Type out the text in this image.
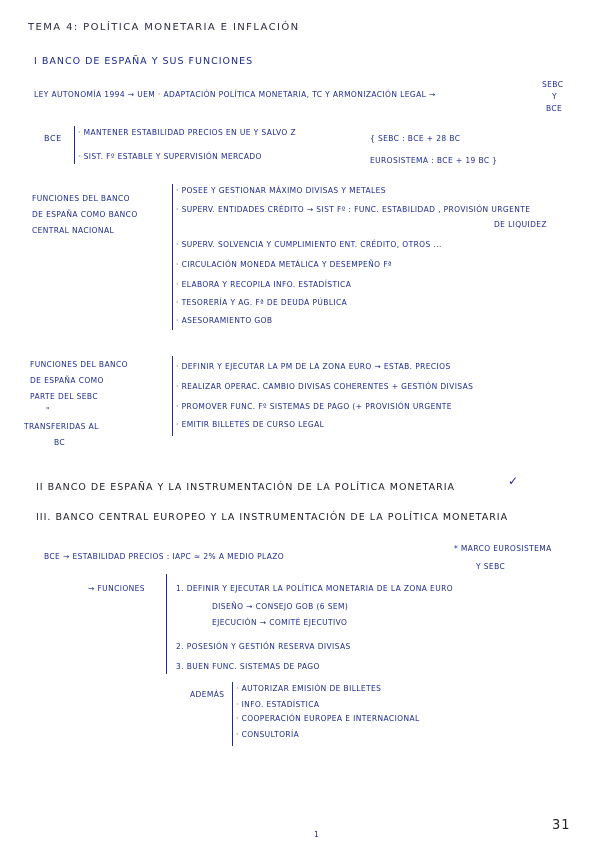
TEMA 4: POLÍTICA MONETARIA E INFLACIÓN
I BANCO DE ESPAÑA Y SUS FUNCIONES
LEY AUTONOMÍA 1994 → UEM · ADAPTACIÓN POLÍTICA MONETARIA, TC Y ARMONIZACIÓN LEGAL →
SEBC
Y
BCE
BCE
· MANTENER ESTABILIDAD PRECIOS EN UE Y SALVO Z
· SIST. Fº ESTABLE Y SUPERVISIÓN MERCADO
{ SEBC : BCE + 28 BC
EUROSISTEMA : BCE + 19 BC }
FUNCIONES DEL BANCO
DE ESPAÑA COMO BANCO
CENTRAL NACIONAL
· POSEE Y GESTIONAR MÁXIMO DIVISAS Y METALES
· SUPERV. ENTIDADES CRÉDITO → SIST Fº : FUNC. ESTABILIDAD , PROVISIÓN URGENTE
DE LIQUIDEZ
· SUPERV. SOLVENCIA Y CUMPLIMIENTO ENT. CRÉDITO, OTROS ...
· CIRCULACIÓN MONEDA METÁLICA Y DESEMPEÑO Fª
· ELABORA Y RECOPILA INFO. ESTADÍSTICA
· TESORERÍA Y AG. Fª DE DEUDA PÚBLICA
· ASESORAMIENTO GOB
FUNCIONES DEL BANCO
DE ESPAÑA COMO
PARTE DEL SEBC
"
TRANSFERIDAS AL
BC
· DEFINIR Y EJECUTAR LA PM DE LA ZONA EURO → ESTAB. PRECIOS
· REALIZAR OPERAC. CAMBIO DIVISAS COHERENTES + GESTIÓN DIVISAS
· PROMOVER FUNC. Fº SISTEMAS DE PAGO (+ PROVISIÓN URGENTE
· EMITIR BILLETES DE CURSO LEGAL
II BANCO DE ESPAÑA Y LA INSTRUMENTACIÓN DE LA POLÍTICA MONETARIA	✓
III. BANCO CENTRAL EUROPEO Y LA INSTRUMENTACIÓN DE LA POLÍTICA MONETARIA
BCE → ESTABILIDAD PRECIOS : IAPC ≈ 2% A MEDIO PLAZO
* MARCO EUROSISTEMA
Y SEBC
→ FUNCIONES	1. DEFINIR Y EJECUTAR LA POLÍTICA MONETARIA DE LA ZONA EURO
DISEÑO → CONSEJO GOB (6 SEM)
EJECUCIÓN → COMITÉ EJECUTIVO
2. POSESIÓN Y GESTIÓN RESERVA DIVISAS
3. BUEN FUNC. SISTEMAS DE PAGO
ADEMÁS
· AUTORIZAR EMISIÓN DE BILLETES
· INFO. ESTADÍSTICA
· COOPERACIÓN EUROPEA E INTERNACIONAL
· CONSULTORÍA
1
31
